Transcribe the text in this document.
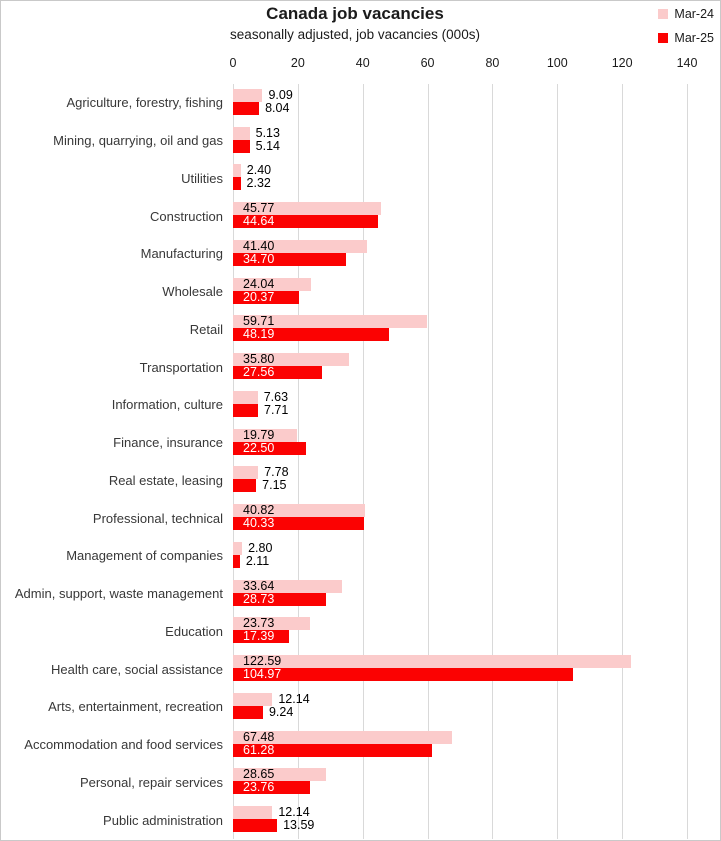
Canada job vacancies
seasonally adjusted, job vacancies (000s)
Mar-24
Mar-25
0	20	40	60	80	100	120	140
Agriculture, forestry, fishing
9.09
8.04
Mining, quarrying, oil and gas
5.13
5.14
Utilities
2.40
2.32
Construction
45.77
44.64
Manufacturing
41.40
34.70
Wholesale
24.04
20.37
Retail
59.71
48.19
Transportation
35.80
27.56
Information, culture
7.63
7.71
Finance, insurance
19.79
22.50
Real estate, leasing
7.78
7.15
Professional, technical
40.82
40.33
Management of companies
2.80
2.11
Admin, support, waste management
33.64
28.73
Education
23.73
17.39
Health care, social assistance
122.59
104.97
Arts, entertainment, recreation
12.14
9.24
Accommodation and food services
67.48
61.28
Personal, repair services
28.65
23.76
Public administration
12.14
13.59
